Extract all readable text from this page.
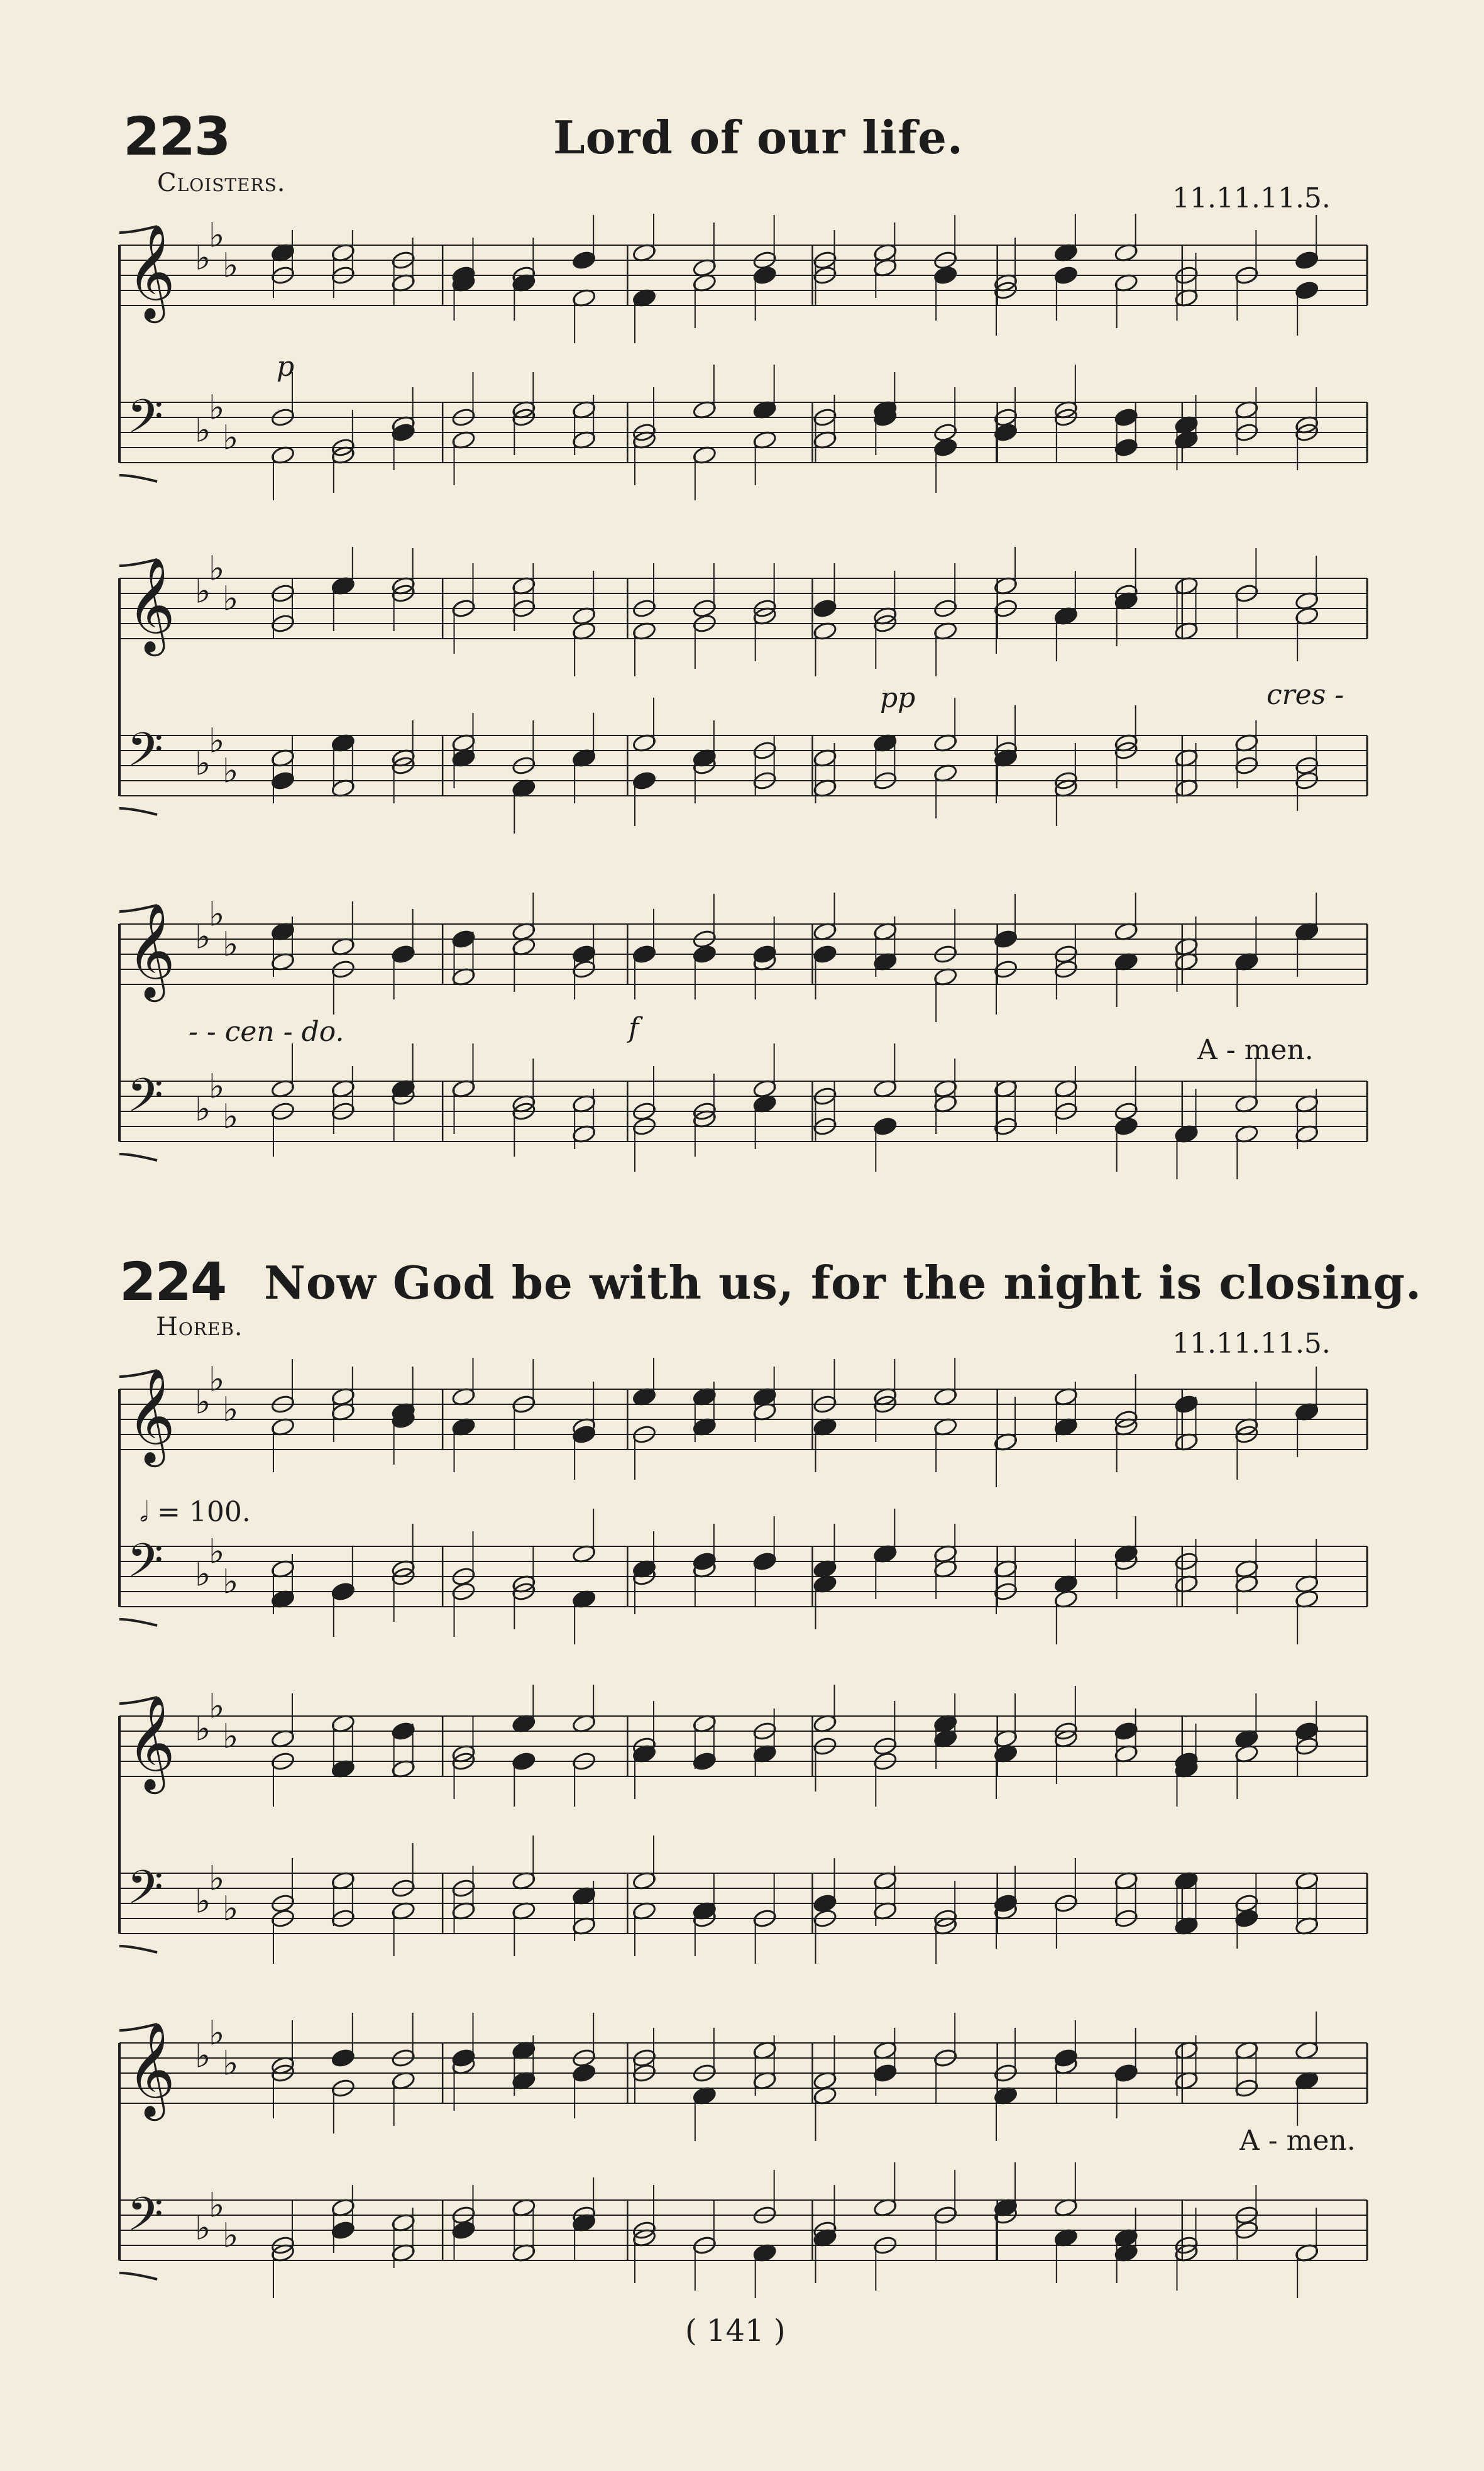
223	Lord of our life.
Cloisters.	11.11.11.5.
𝄞 ♭
♭
♭
𝄢 ♭
♭
♭
𝄞 ♭
♭
♭
𝄢 ♭
♭
♭
𝄞 ♭
♭
♭
𝄢 ♭
♭
♭
p
pp	cres -
- - cen - do.	f
A - men.
224 Now God be with us, for the night is closing.
Horeb.
11.11.11.5.
𝄞 ♭
♭
♭
𝄢 ♭
♭
♭
𝄞 ♭
♭
♭
𝄢 ♭
♭
♭
𝄞 ♭
♭
♭
𝄢 ♭
♭
♭
𝅗𝅥 = 100.
A - men.
( 141 )
